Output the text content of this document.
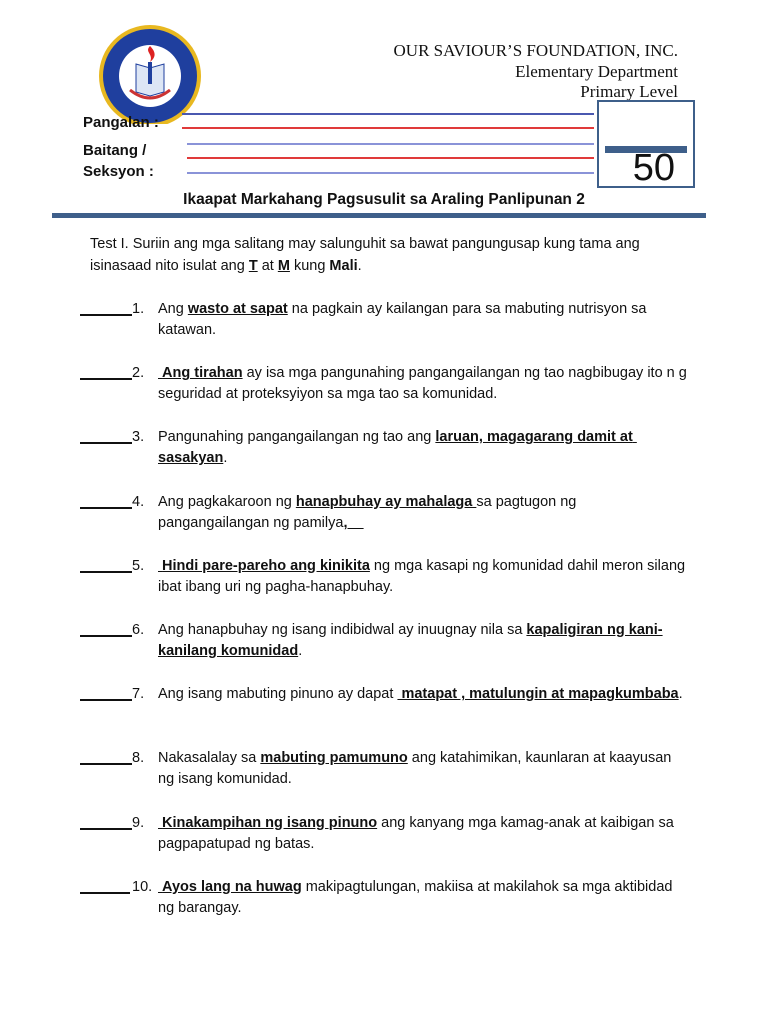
OUR SAVIOUR’S FOUNDATION, INC.
Elementary Department
Primary Level
Pangalan :
Baitang /
Seksyon :	50
Ikaapat Markahang Pagsusulit sa Araling Panlipunan 2
Test I. Suriin ang mga salitang may salunguhit sa bawat pangungusap kung tama ang isinasaad nito isulat ang T at M kung Mali.
1. Ang wasto at sapat na pagkain ay kailangan para sa mabuting nutrisyon sa katawan.
2. Ang tirahan ay isa mga pangunahing pangangailangan ng tao nagbibugay ito n g seguridad at proteksyiyon sa mga tao sa komunidad.
3. Pangunahing pangangailangan ng tao ang laruan, magagarang damit at sasakyan.
4. Ang pagkakaroon ng hanapbuhay ay mahalaga sa pagtugon ng pangangailangan ng pamilya,
5. Hindi pare-pareho ang kinikita ng mga kasapi ng komunidad dahil meron silang ibat ibang uri ng pagha-hanapbuhay.
6. Ang hanapbuhay ng isang indibidwal ay inuugnay nila sa kapaligiran ng kani-kanilang komunidad.
7. Ang isang mabuting pinuno ay dapat  matapat , matulungin at mapagkumbaba.
8. Nakasalalay sa mabuting pamumuno ang katahimikan, kaunlaran at kaayusan ng isang komunidad.
9. Kinakampihan ng isang pinuno ang kanyang mga kamag-anak at kaibigan sa pagpapatupad ng batas.
10. Ayos lang na huwag makipagtulungan, makiisa at makilahok sa mga aktibidad ng barangay.
